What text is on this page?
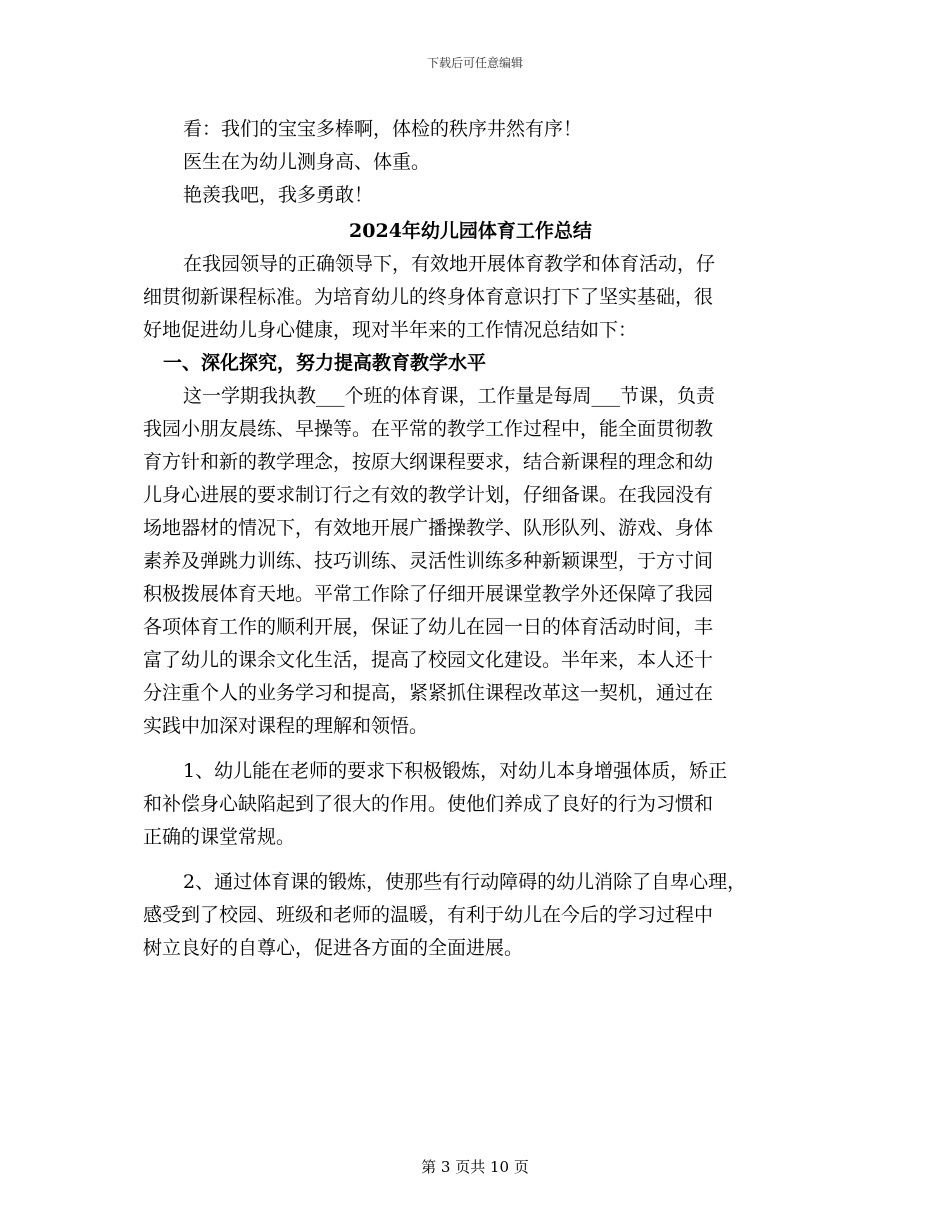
下载后可任意编辑
看：我们的宝宝多棒啊，体检的秩序井然有序！
医生在为幼儿测身高、体重。
艳羡我吧，我多勇敢！
2024年幼儿园体育工作总结
在我园领导的正确领导下，有效地开展体育教学和体育活动，仔
细贯彻新课程标准。为培育幼儿的终身体育意识打下了坚实基础，很
好地促进幼儿身心健康，现对半年来的工作情况总结如下：
一、深化探究，努力提高教育教学水平
这一学期我执教___个班的体育课，工作量是每周___节课，负责
我园小朋友晨练、早操等。在平常的教学工作过程中，能全面贯彻教
育方针和新的教学理念，按原大纲课程要求，结合新课程的理念和幼
儿身心进展的要求制订行之有效的教学计划，仔细备课。在我园没有
场地器材的情况下，有效地开展广播操教学、队形队列、游戏、身体
素养及弹跳力训练、技巧训练、灵活性训练多种新颖课型，于方寸间
积极拨展体育天地。平常工作除了仔细开展课堂教学外还保障了我园
各项体育工作的顺利开展，保证了幼儿在园一日的体育活动时间，丰
富了幼儿的课余文化生活，提高了校园文化建设。半年来，本人还十
分注重个人的业务学习和提高，紧紧抓住课程改革这一契机，通过在
实践中加深对课程的理解和领悟。
1、幼儿能在老师的要求下积极锻炼，对幼儿本身增强体质，矫正
和补偿身心缺陷起到了很大的作用。使他们养成了良好的行为习惯和
正确的课堂常规。
2、通过体育课的锻炼，使那些有行动障碍的幼儿消除了自卑心理，
感受到了校园、班级和老师的温暖，有利于幼儿在今后的学习过程中
树立良好的自尊心，促进各方面的全面进展。
第 3 页共 10 页
